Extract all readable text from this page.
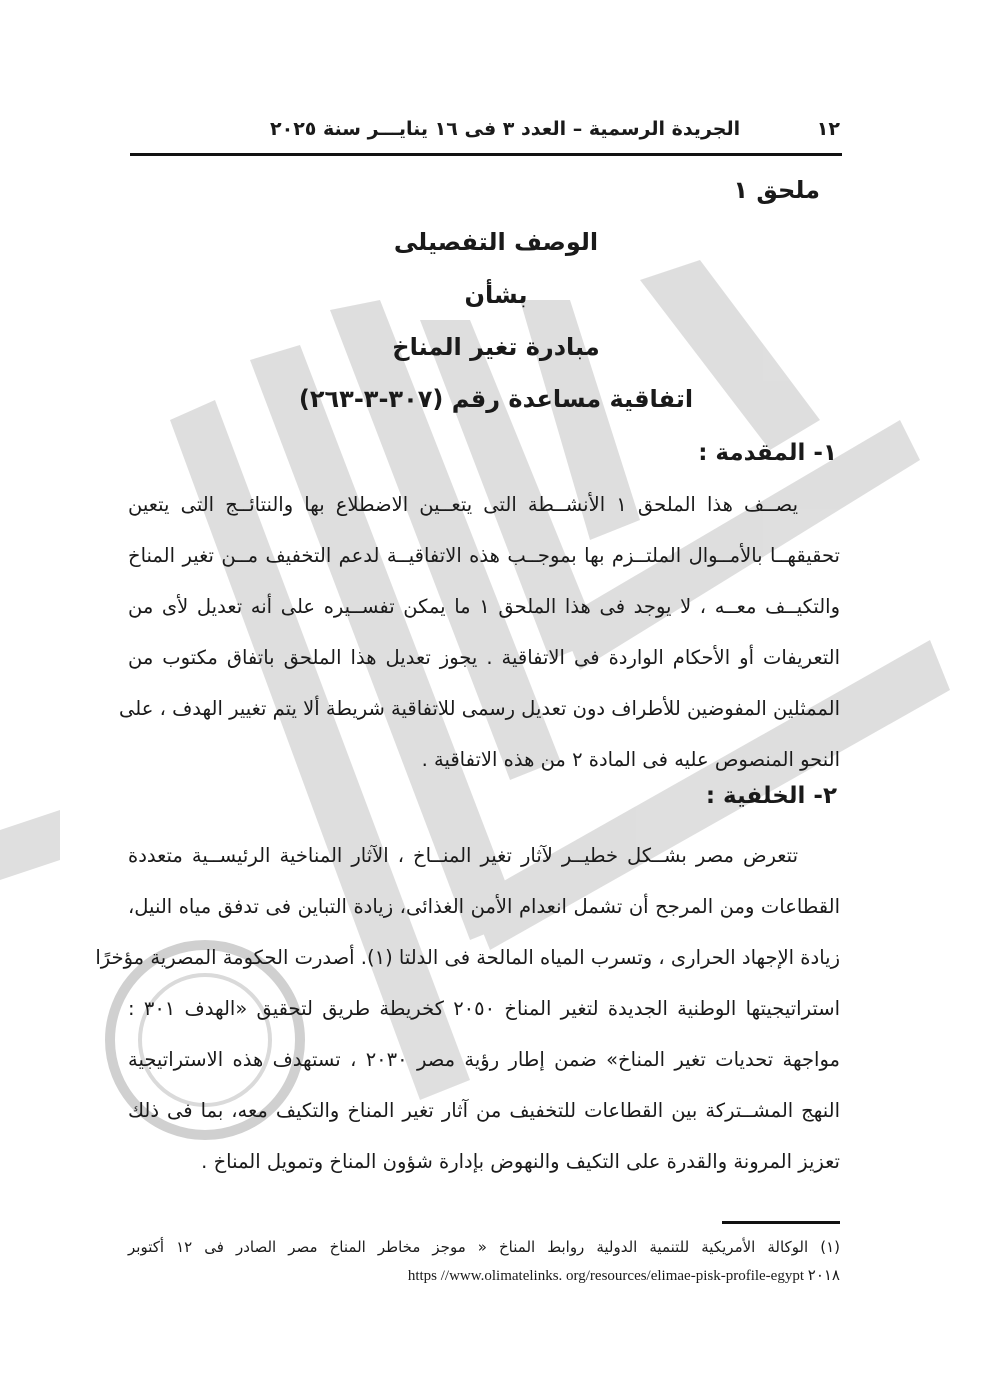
١٢
الجريدة الرسمية – العدد ٣ فى ١٦ ينايـــر سنة ٢٠٢٥
ملحق ١
الوصف التفصيلى
بشأن
مبادرة تغير المناخ
اتفاقية مساعدة رقم (٣٠٧-٣-٢٦٣)
١- المقدمة :
يصــف هذا الملحق ١ الأنشــطة التى يتعــين الاضطلاع بها والنتائــج التى يتعين
تحقيقهــا بالأمــوال الملتــزم بها بموجــب هذه الاتفاقيــة لدعم التخفيف مــن تغير المناخ
والتكيــف معــه ، لا يوجد فى هذا الملحق ١ ما يمكن تفســيره على أنه تعديل لأى من
التعريفات أو الأحكام الواردة فى الاتفاقية . يجوز تعديل هذا الملحق باتفاق مكتوب من
الممثلين المفوضين للأطراف دون تعديل رسمى للاتفاقية شريطة ألا يتم تغيير الهدف ، على
النحو المنصوص عليه فى المادة ٢ من هذه الاتفاقية .
٢- الخلفية :
تتعرض مصر بشــكل خطيــر لآثار تغير المنــاخ ، الآثار المناخية الرئيســية متعددة
القطاعات ومن المرجح أن تشمل انعدام الأمن الغذائى، زيادة التباين فى تدفق مياه النيل،
زيادة الإجهاد الحرارى ، وتسرب المياه المالحة فى الدلتا (١). أصدرت الحكومة المصرية مؤخرًا
استراتيجيتها الوطنية الجديدة لتغير المناخ ٢٠٥٠ كخريطة طريق لتحقيق «الهدف ٣٠١ :
مواجهة تحديات تغير المناخ» ضمن إطار رؤية مصر ٢٠٣٠ ، تستهدف هذه الاستراتيجية
النهج المشــتركة بين القطاعات للتخفيف من آثار تغير المناخ والتكيف معه، بما فى ذلك
تعزيز المرونة والقدرة على التكيف والنهوض بإدارة شؤون المناخ وتمويل المناخ .
(١) الوكالة الأمريكية للتنمية الدولية روابط المناخ « موجز مخاطر المناخ مصر الصادر فى ١٢ أكتوبر
٢٠١٨ https //www.olimatelinks. org/resources/elimae-pisk-profile-egypt
